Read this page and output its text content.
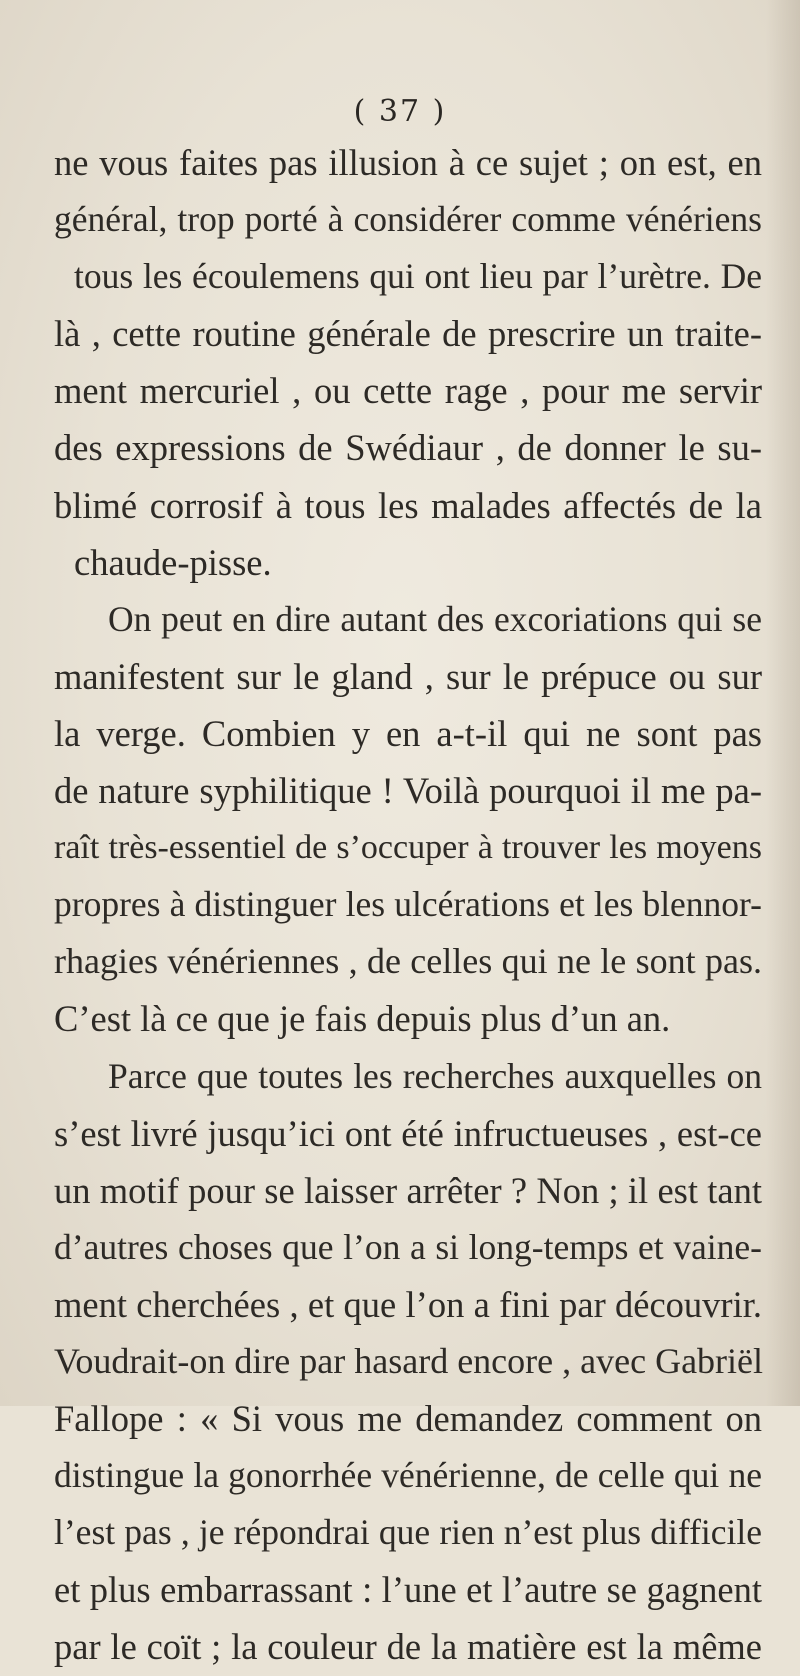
( 37 )

ne vous faites pas illusion à ce sujet ; on est, en
général, trop porté à considérer comme vénériens
tous les écoulemens qui ont lieu par l’urètre. De
là , cette routine générale de prescrire un traite-
ment mercuriel , ou cette rage , pour me servir
des expressions de Swédiaur , de donner le su-
blimé corrosif à tous les malades affectés de la
chaude-pisse.
On peut en dire autant des excoriations qui se
manifestent sur le gland , sur le prépuce ou sur
la verge. Combien y en a-t-il qui ne sont pas
de nature syphilitique ! Voilà pourquoi il me pa-
raît très-essentiel de s’occuper à trouver les moyens
propres à distinguer les ulcérations et les blennor-
rhagies vénériennes , de celles qui ne le sont pas.
C’est là ce que je fais depuis plus d’un an.
Parce que toutes les recherches auxquelles on
s’est livré jusqu’ici ont été infructueuses , est-ce
un motif pour se laisser arrêter ? Non ; il est tant
d’autres choses que l’on a si long-temps et vaine-
ment cherchées , et que l’on a fini par découvrir.
Voudrait-on dire par hasard encore , avec Gabriël
Fallope : « Si vous me demandez comment on
distingue la gonorrhée vénérienne, de celle qui ne
l’est pas , je répondrai que rien n’est plus difficile
et plus embarrassant : l’une et l’autre se gagnent
par le coït ; la couleur de la matière est la même
